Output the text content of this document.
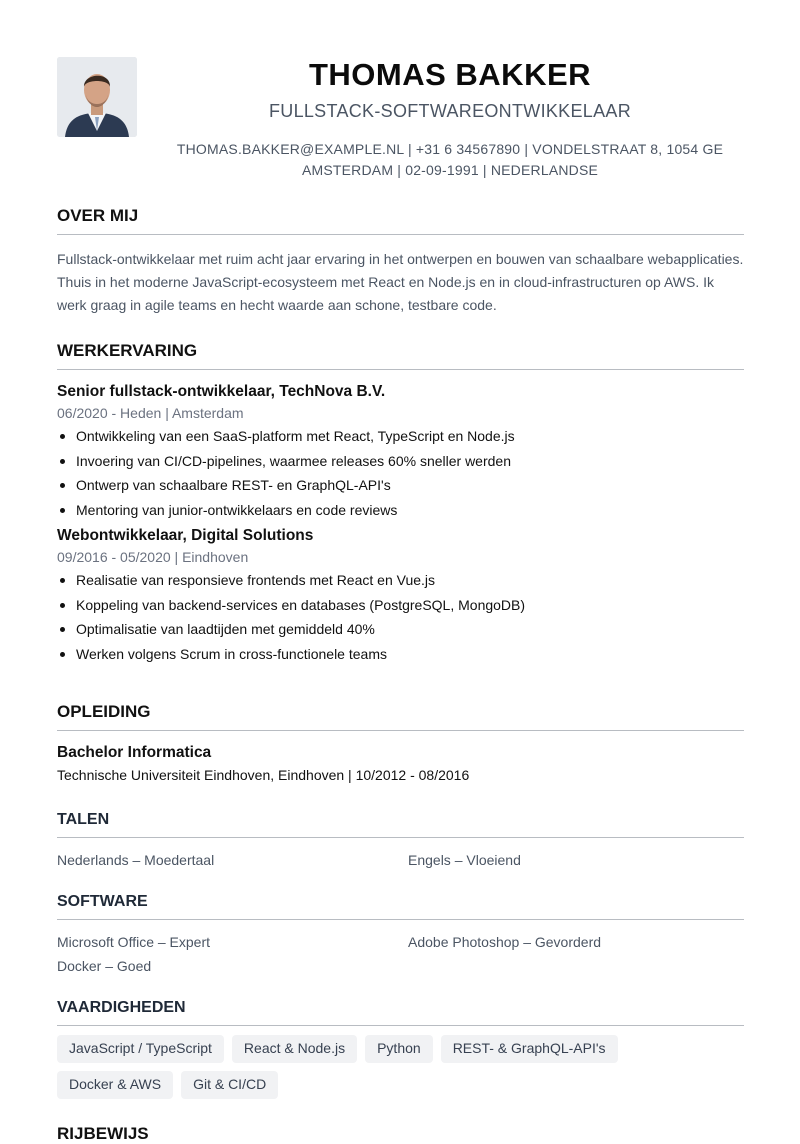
THOMAS BAKKER
FULLSTACK-SOFTWAREONTWIKKELAAR
THOMAS.BAKKER@EXAMPLE.NL | +31 6 34567890 | VONDELSTRAAT 8, 1054 GE AMSTERDAM | 02-09-1991 | NEDERLANDSE
OVER MIJ

Fullstack-ontwikkelaar met ruim acht jaar ervaring in het ontwerpen en bouwen van schaalbare webapplicaties. Thuis in het moderne JavaScript-ecosysteem met React en Node.js en in cloud-infrastructuren op AWS. Ik werk graag in agile teams en hecht waarde aan schone, testbare code.

WERKERVARING

Senior fullstack-ontwikkelaar, TechNova B.V.

06/2020 - Heden | Amsterdam

Ontwikkeling van een SaaS-platform met React, TypeScript en Node.js
Invoering van CI/CD-pipelines, waarmee releases 60% sneller werden
Ontwerp van schaalbare REST- en GraphQL-API's
Mentoring van junior-ontwikkelaars en code reviews

Webontwikkelaar, Digital Solutions

09/2016 - 05/2020 | Eindhoven

Realisatie van responsieve frontends met React en Vue.js
Koppeling van backend-services en databases (PostgreSQL, MongoDB)
Optimalisatie van laadtijden met gemiddeld 40%
Werken volgens Scrum in cross-functionele teams
OPLEIDING

Bachelor Informatica

Technische Universiteit Eindhoven, Eindhoven | 10/2012 - 08/2016

TALEN
Nederlands – Moedertaal	Engels – Vloeiend
SOFTWARE
Microsoft Office – Expert	Adobe Photoshop – Gevorderd
Docker – Goed
VAARDIGHEDEN
JavaScript / TypeScript	React & Node.js	Python	REST- & GraphQL-API's
Docker & AWS	Git & CI/CD
RIJBEWIJS
